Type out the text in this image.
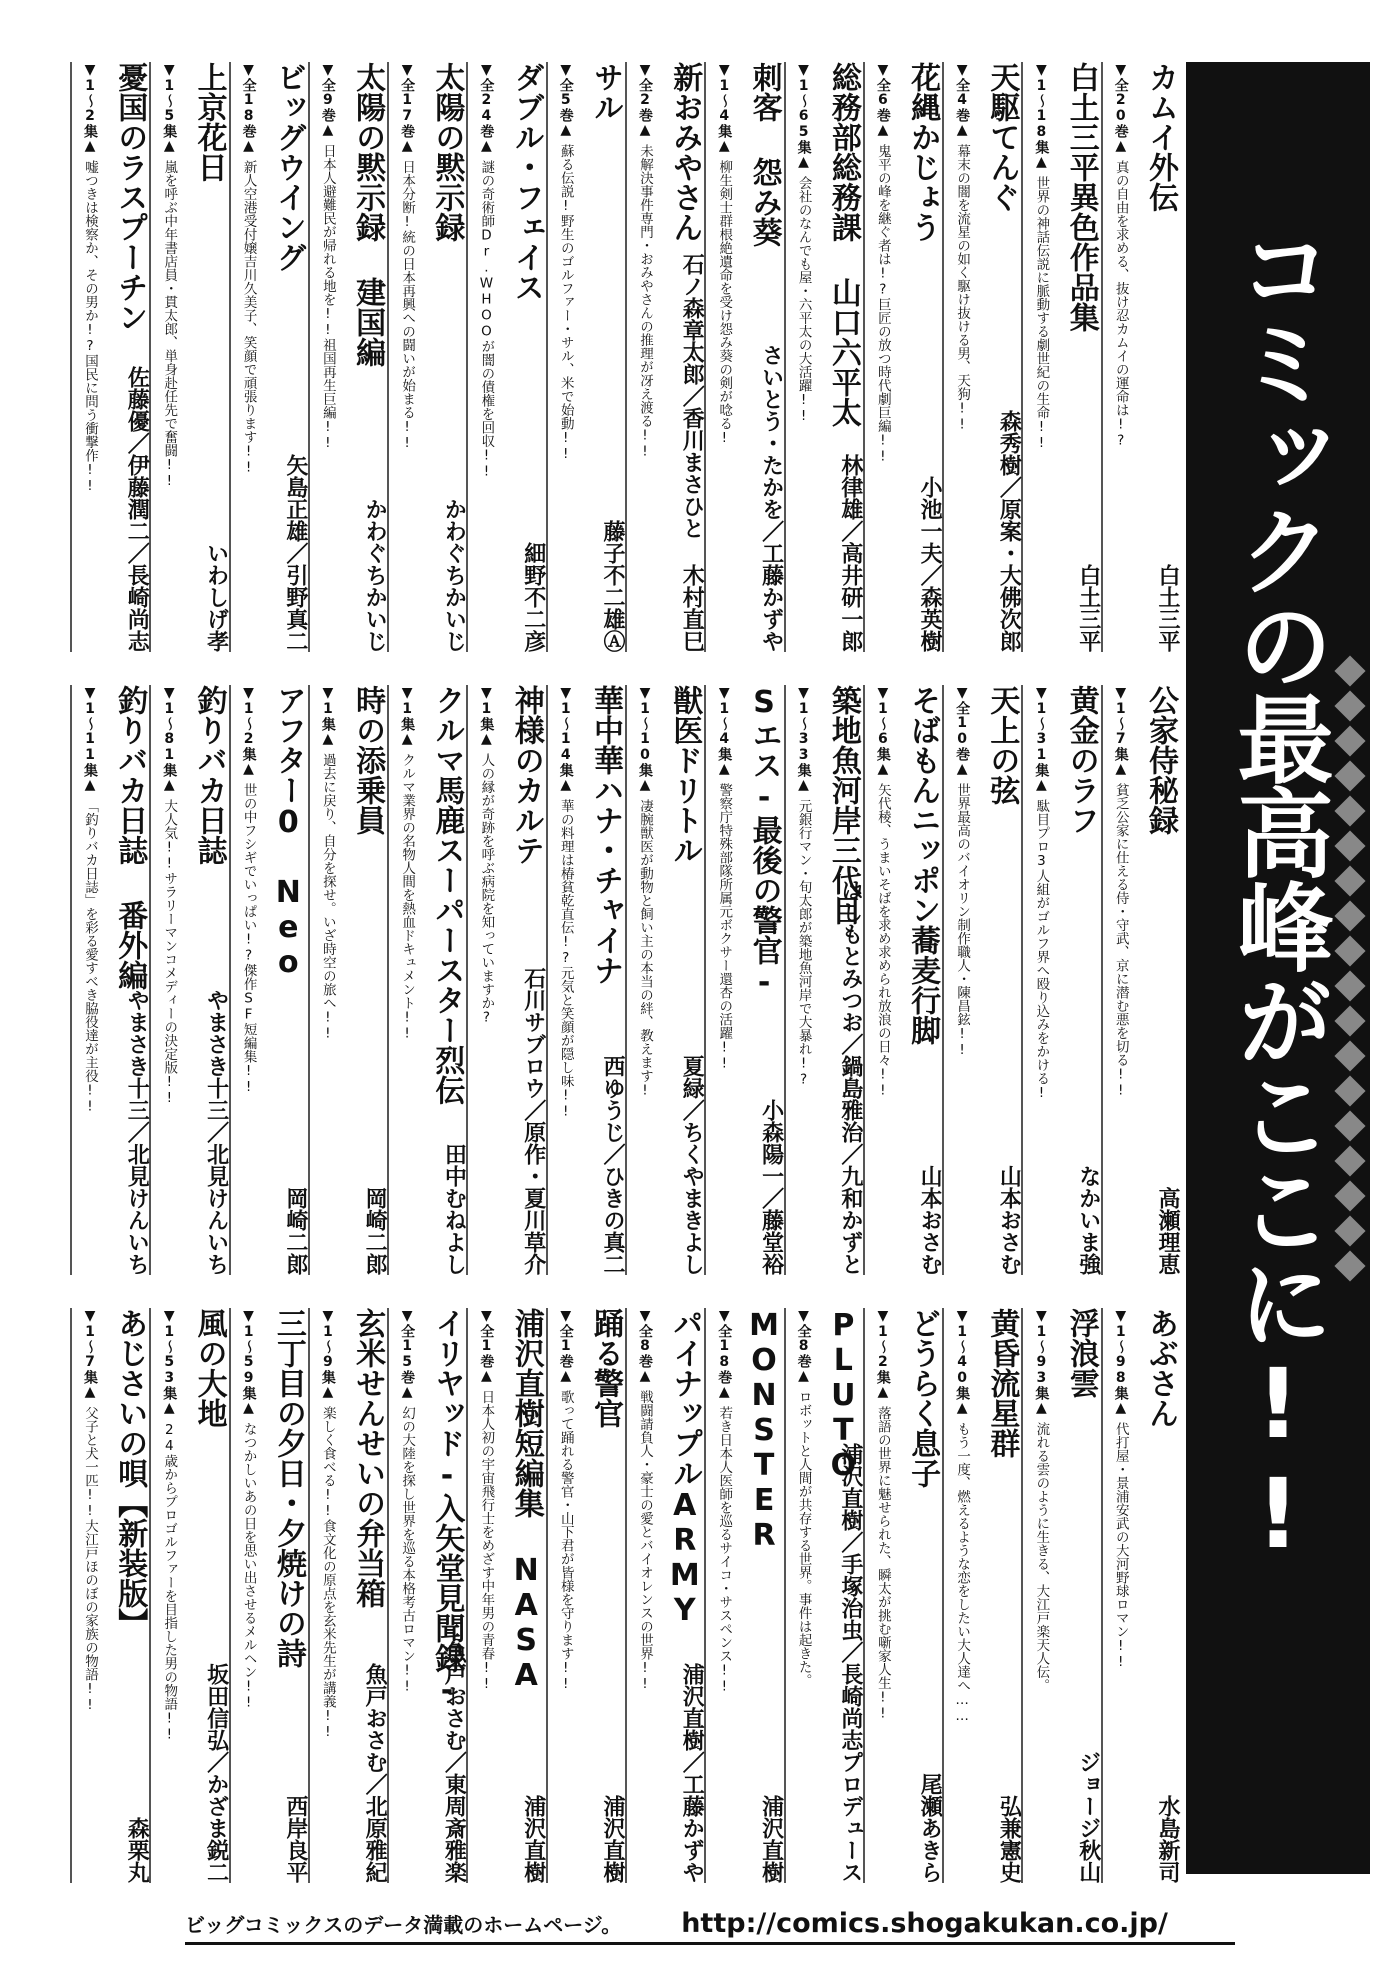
コミックの最高峰がここに!!
▼全20巻▲真の自由を求める、抜け忍カムイの運命は!?
カムイ外伝
白土三平
▼1〜18集▲世界の神話伝説に脈動する劇世紀の生命!! 白土三平異色作品集
白土三平
▼全4巻▲幕末の闇を流星の如く駆け抜ける男、天狗!!
天駆てんぐ
森秀樹／原案・大佛次郎
▼全6巻▲鬼平の峰を継ぐ者は!?巨匠の放つ時代劇巨編!! 花縄かじょう
小池一夫／森英樹
▼1〜65集▲会社のなんでも屋・六平太の大活躍!! 総務部総務課 山口六平太
林律雄／高井研一郎
▼1〜4集▲柳生剣士群根絶遺命を受け怨み葵の剣が唸る!
刺客 怨み葵
さいとう・たかを／工藤かずや
▼全2巻▲未解決事件専門・おみやさんの推理が冴え渡る!! 新おみやさん
石ノ森章太郎／香川まさひと 木村直巳
▼全5巻▲蘇る伝説!野生のゴルファー・サル、米で始動!!
サル
藤子不二雄Ⓐ
▼全24巻▲謎の奇術師Dr.WHOOが闇の債権を回収!! ダブル・フェイス
細野不二彦
▼全17巻▲日本分断!統の日本再興への闘いが始まる!!
太陽の黙示録
かわぐちかいじ
▼全9巻▲日本人避難民が帰れる地を!!祖国再生巨編!! 太陽の黙示録 建国編
かわぐちかいじ
▼全18巻▲新人空港受付嬢吉川久美子、笑顔で頑張ります!! ビッグウイング
矢島正雄／引野真二
▼1〜5集▲嵐を呼ぶ中年書店員・貫太郎、単身赴任先で奮闘!!
上京花日
いわしげ孝
▼1〜2集▲嘘つきは検察か、その男か!?国民に問う衝撃作!! 憂国のラスプーチン
佐藤優／伊藤潤二／長崎尚志
▼1〜7集▲貧乏公家に仕える侍・守武、京に潜む悪を切る!!
公家侍秘録
高瀬理恵
▼1〜31集▲駄目プロ3人組がゴルフ界へ殴り込みをかける!
黄金のラフ
なかいま強
▼全10巻▲世界最高のバイオリン制作職人・陳昌鉉!!
天上の弦
山本おさむ
▼1〜6集▲矢代稜、うまいそばを求め求められ放浪の日々!! そばもんニッポン蕎麦行脚
山本おさむ
▼1〜33集▲元銀行マン・旬太郎が築地魚河岸で大暴れ!? 築地魚河岸三代目
はしもとみつお／鍋島雅治／九和かずと
▼1〜4集▲警察庁特殊部隊所属元ボクサー還杏の活躍!! Sエス-最後の警官-
小森陽一／藤堂裕
▼1〜10集▲凄腕獣医が動物と飼い主の本当の絆、教えます!
獣医ドリトル
夏緑／ちくやまきよし
▼1〜14集▲華の料理は椿貧乾直伝!?元気と笑顔が隠し味!! 華中華ハナ・チャイナ
西ゆうじ／ひきの真二
▼1集▲人の縁が奇跡を呼ぶ病院を知っていますか? 神様のカルテ
石川サブロウ／原作・夏川草介
▼1集▲クルマ業界の名物人間を熱血ドキュメント!! クルマ馬鹿スーパースター烈伝
田中むねよし
▼1集▲過去に戻り、自分を探せ。いざ時空の旅へ!! 時の添乗員
岡崎二郎
▼1〜2集▲世の中フシギでいっぱい!?傑作SF短編集!! アフター0 Neo
岡崎二郎
▼1〜81集▲大人気!!サラリーマンコメディーの決定版!!
釣りバカ日誌
やまさき十三／北見けんいち
▼1〜11集▲「釣りバカ日誌」を彩る愛すべき脇役達が主役!! 釣りバカ日誌 番外編
やまさき十三／北見けんいち
▼1〜98集▲代打屋・景浦安武の大河野球ロマン!!
あぶさん
水島新司
▼1〜93集▲流れる雲のように生きる、大江戸楽天人伝。
浮浪雲
ジョージ秋山
▼1〜40集▲もう一度、燃えるような恋をしたい大人達へ……
黄昏流星群
弘兼憲史
▼1〜2集▲落語の世界に魅せられた、瞬太が挑む噺家人生!!
どうらく息子
尾瀬あきら
▼全8巻▲ロボットと人間が共存する世界。事件は起きた。 PLUTO
浦沢直樹／手塚治虫／長崎尚志プロデュース
▼全18巻▲若き日本人医師を巡るサイコ・サスペンス!! MONSTER
浦沢直樹
▼全8巻▲戦闘請負人・豪士の愛とバイオレンスの世界!! パイナップルARMY
浦沢直樹／工藤かずや
▼全1巻▲歌って踊れる警官・山下君が皆様を守ります!!
踊る警官
浦沢直樹
▼全1巻▲日本人初の宇宙飛行士をめざす中年男の青春!! 浦沢直樹短編集 NASA
浦沢直樹
▼全15巻▲幻の大陸を探し世界を巡る本格考古ロマン!! イリヤッド-入矢堂見聞録-
魚戸おさむ／東周斎雅楽
▼1〜9集▲楽しく食べる!!食文化の原点を玄米先生が講義!! 玄米せんせいの弁当箱
魚戸おさむ／北原雅紀
▼1〜59集▲なつかしいあの日を思い出させるメルヘン!! 三丁目の夕日・夕焼けの詩
西岸良平
▼1〜53集▲24歳からプロゴルファーを目指した男の物語!!
風の大地
坂田信弘／かざま鋭二
▼1〜7集▲父子と犬一匹!!大江戸ほのぼの家族の物語!! あじさいの唄【新装版】
森栗丸
ビッグコミックスのデータ満載のホームページ。 http://comics.shogakukan.co.jp/
